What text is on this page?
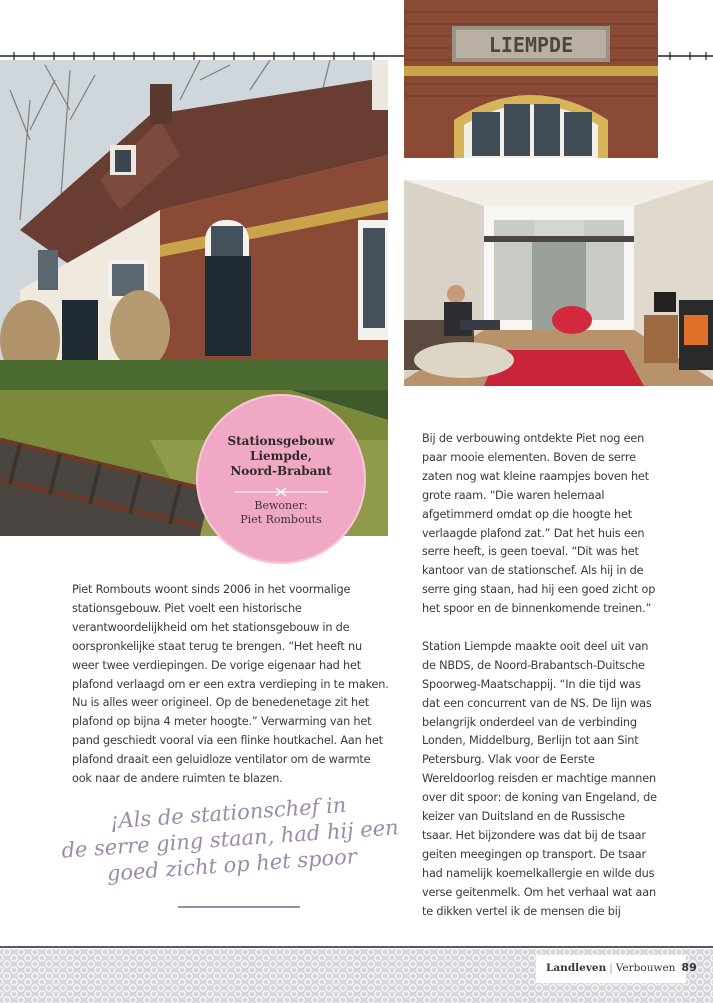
LIEMPDE
Stationsgebouw
Liempde,
Noord-Brabant
Bewoner:
Piet Rombouts

Piet Rombouts woont sinds 2006 in het voormalige stationsgebouw. Piet voelt een historische verantwoordelijkheid om het stationsgebouw in de oorspronkelijke staat terug te brengen. “Het heeft nu weer twee verdiepingen. De vorige eigenaar had het plafond verlaagd om er een extra verdieping in te maken. Nu is alles weer origineel. Op de benedenetage zit het plafond op bijna 4 meter hoogte.” Verwarming van het pand geschiedt vooral via een flinke houtkachel. Aan het plafond draait een geluidloze ventilator om de warmte ook naar de andere ruimten te blazen.

Bij de verbouwing ontdekte Piet nog een paar mooie elementen. Boven de serre zaten nog wat kleine raampjes boven het grote raam. “Die waren helemaal afgetimmerd omdat op die hoogte het verlaagde plafond zat.” Dat het huis een serre heeft, is geen toeval. “Dit was het kantoor van de stationschef. Als hij in de serre ging staan, had hij een goed zicht op het spoor en de binnenkomende treinen.”

Station Liempde maakte ooit deel uit van de NBDS, de Noord-Brabantsch-Duitsche Spoorweg-Maatschappij. “In die tijd was dat een concurrent van de NS. De lijn was belangrijk onderdeel van de verbinding Londen, Middelburg, Berlijn tot aan Sint Petersburg. Vlak voor de Eerste Wereldoorlog reisden er machtige mannen over dit spoor: de koning van Engeland, de keizer van Duitsland en de Russische tsaar. Het bijzondere was dat bij de tsaar geiten meegingen op transport. De tsaar had namelijk koemelkallergie en wilde dus verse geitenmelk. Om het verhaal wat aan te dikken vertel ik de mensen die bij

¡Als de stationschef in
de serre ging staan, had hij een
goed zicht op het spoor
Landleven | Verbouwen 89
